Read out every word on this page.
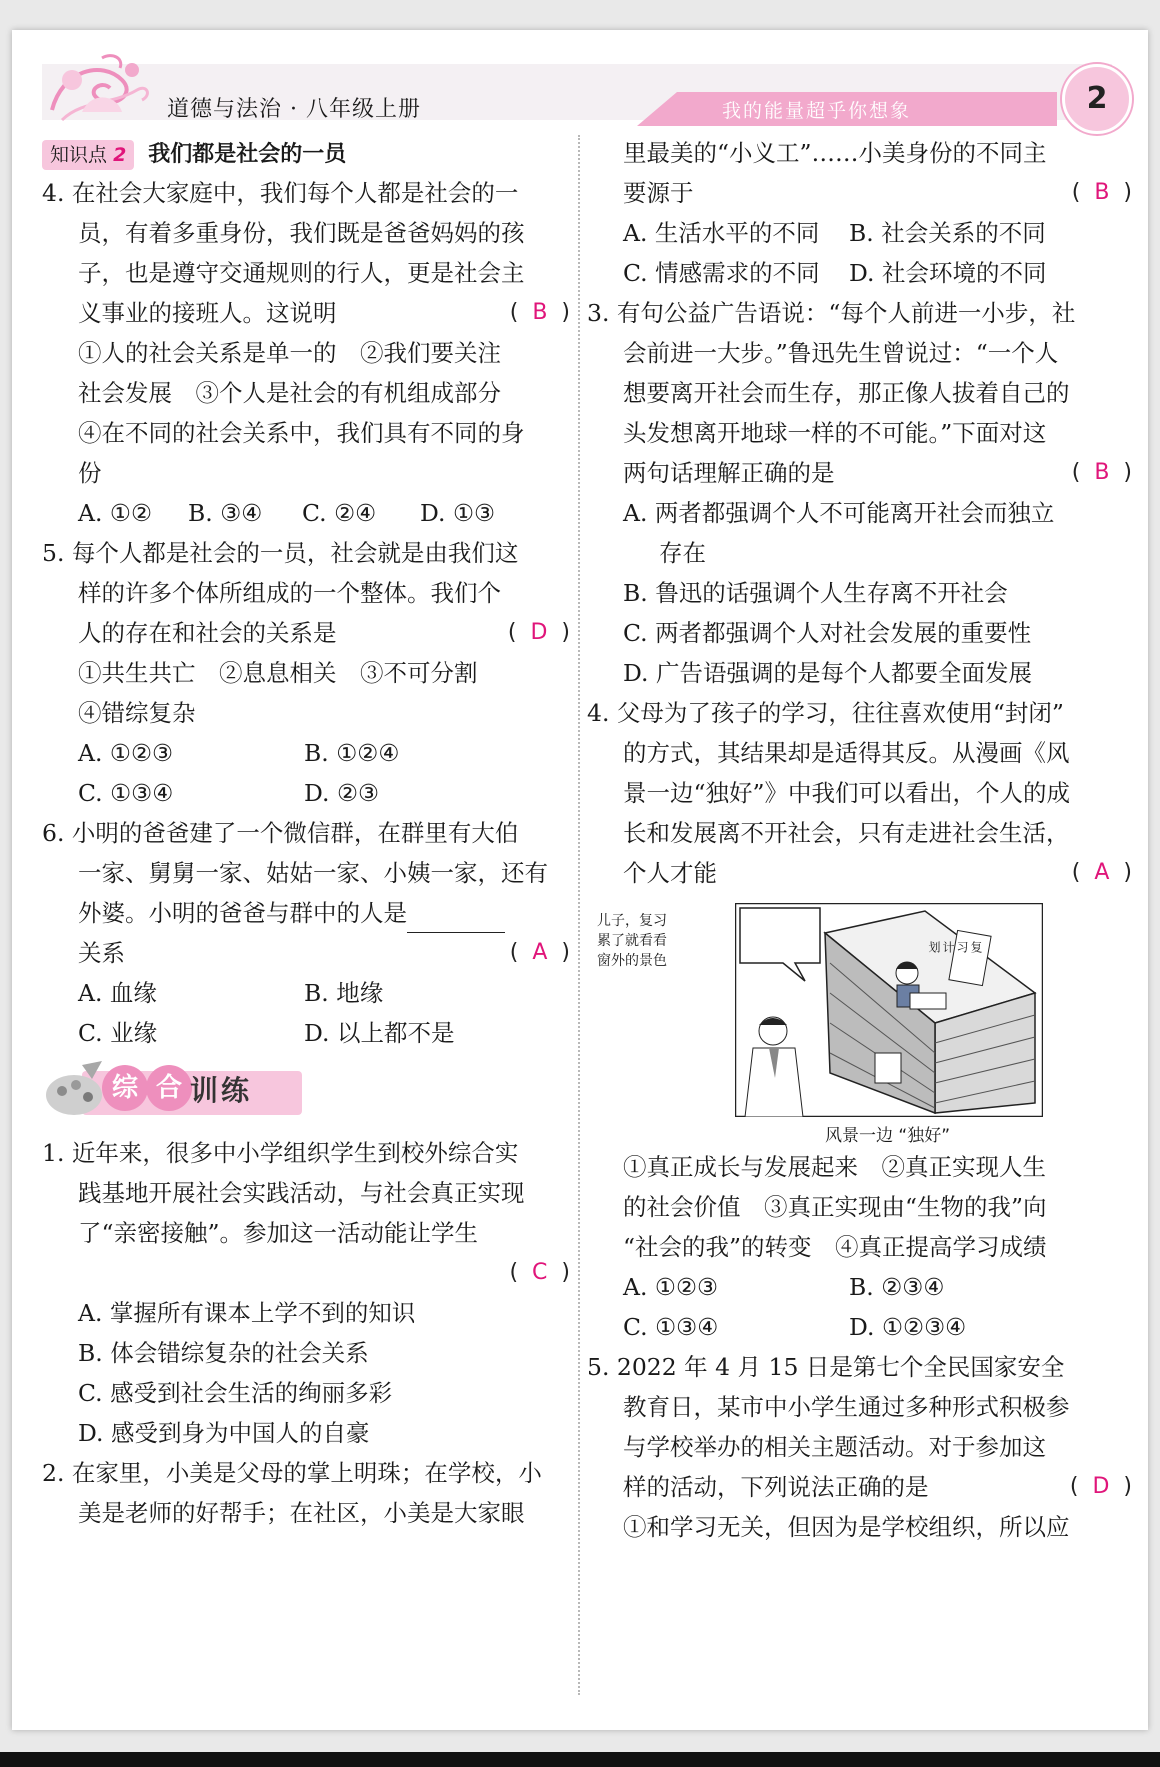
道德与法治 · 八年级上册	我的能量超乎你想象	2
知识点 2 我们都是社会的一员
4. 在社会大家庭中，我们每个人都是社会的一
员，有着多重身份，我们既是爸爸妈妈的孩
子，也是遵守交通规则的行人，更是社会主
义事业的接班人。这说明	( B )
①人的社会关系是单一的　②我们要关注
社会发展　③个人是社会的有机组成部分
④在不同的社会关系中，我们具有不同的身
份
A. ①② B. ③④ C. ②④ D. ①③
5. 每个人都是社会的一员，社会就是由我们这
样的许多个体所组成的一个整体。我们个
人的存在和社会的关系是	( D )
①共生共亡　②息息相关　③不可分割
④错综复杂
A. ①②③	B. ①②④
C. ①③④	D. ②③
6. 小明的爸爸建了一个微信群，在群里有大伯
一家、舅舅一家、姑姑一家、小姨一家，还有
外婆。小明的爸爸与群中的人是
关系	( A )
A. 血缘	B. 地缘
C. 业缘	D. 以上都不是
综 合 训练
1. 近年来，很多中小学组织学生到校外综合实
践基地开展社会实践活动，与社会真正实现
了“亲密接触”。参加这一活动能让学生
( C )
A. 掌握所有课本上学不到的知识
B. 体会错综复杂的社会关系
C. 感受到社会生活的绚丽多彩
D. 感受到身为中国人的自豪
2. 在家里，小美是父母的掌上明珠；在学校，小
美是老师的好帮手；在社区，小美是大家眼
里最美的“小义工”……小美身份的不同主
要源于	( B )
A. 生活水平的不同 B. 社会关系的不同
C. 情感需求的不同 D. 社会环境的不同
3. 有句公益广告语说：“每个人前进一小步，社
会前进一大步。”鲁迅先生曾说过：“一个人
想要离开社会而生存，那正像人拔着自己的
头发想离开地球一样的不可能。”下面对这
两句话理解正确的是	( B )
A. 两者都强调个人不可能离开社会而独立
存在
B. 鲁迅的话强调个人生存离不开社会
C. 两者都强调个人对社会发展的重要性
D. 广告语强调的是每个人都要全面发展
4. 父母为了孩子的学习，往往喜欢使用“封闭”
的方式，其结果却是适得其反。从漫画《风
景一边“独好”》中我们可以看出，个人的成
长和发展离不开社会，只有走进社会生活，
个人才能	( A )
儿子，复习
累了就看看
窗外的景色
复习计划
风景一边 “独好”
①真正成长与发展起来　②真正实现人生
的社会价值　③真正实现由“生物的我”向
“社会的我”的转变　④真正提高学习成绩
A. ①②③	B. ②③④
C. ①③④	D. ①②③④
5. 2022 年 4 月 15 日是第七个全民国家安全
教育日，某市中小学生通过多种形式积极参
与学校举办的相关主题活动。对于参加这
样的活动，下列说法正确的是	( D )
①和学习无关，但因为是学校组织，所以应
